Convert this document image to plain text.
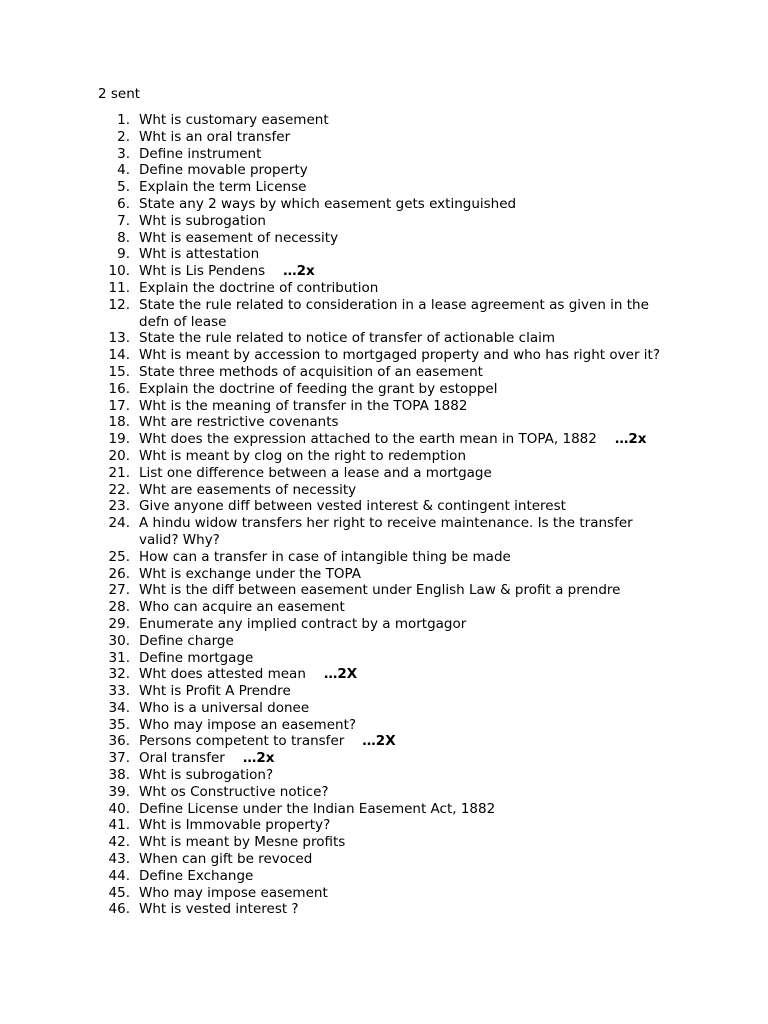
2 sent
1. Wht is customary easement
2. Wht is an oral transfer
3. Define instrument
4. Define movable property
5. Explain the term License
6. State any 2 ways by which easement gets extinguished
7. Wht is subrogation
8. Wht is easement of necessity
9. Wht is attestation
10. Wht is Lis Pendens …2x
11. Explain the doctrine of contribution
12. State the rule related to consideration in a lease agreement as given in the defn of lease
13. State the rule related to notice of transfer of actionable claim
14. Wht is meant by accession to mortgaged property and who has right over it?
15. State three methods of acquisition of an easement
16. Explain the doctrine of feeding the grant by estoppel
17. Wht is the meaning of transfer in the TOPA 1882
18. Wht are restrictive covenants
19. Wht does the expression attached to the earth mean in TOPA, 1882 …2x
20. Wht is meant by clog on the right to redemption
21. List one difference between a lease and a mortgage
22. Wht are easements of necessity
23. Give anyone diff between vested interest & contingent interest
24. A hindu widow transfers her right to receive maintenance. Is the transfer valid? Why?
25. How can a transfer in case of intangible thing be made
26. Wht is exchange under the TOPA
27. Wht is the diff between easement under English Law & profit a prendre
28. Who can acquire an easement
29. Enumerate any implied contract by a mortgagor
30. Define charge
31. Define mortgage
32. Wht does attested mean …2X
33. Wht is Profit A Prendre
34. Who is a universal donee
35. Who may impose an easement?
36. Persons competent to transfer …2X
37. Oral transfer …2x
38. Wht is subrogation?
39. Wht os Constructive notice?
40. Define License under the Indian Easement Act, 1882
41. Wht is Immovable property?
42. Wht is meant by Mesne profits
43. When can gift be revoced
44. Define Exchange
45. Who may impose easement
46. Wht is vested interest ?
